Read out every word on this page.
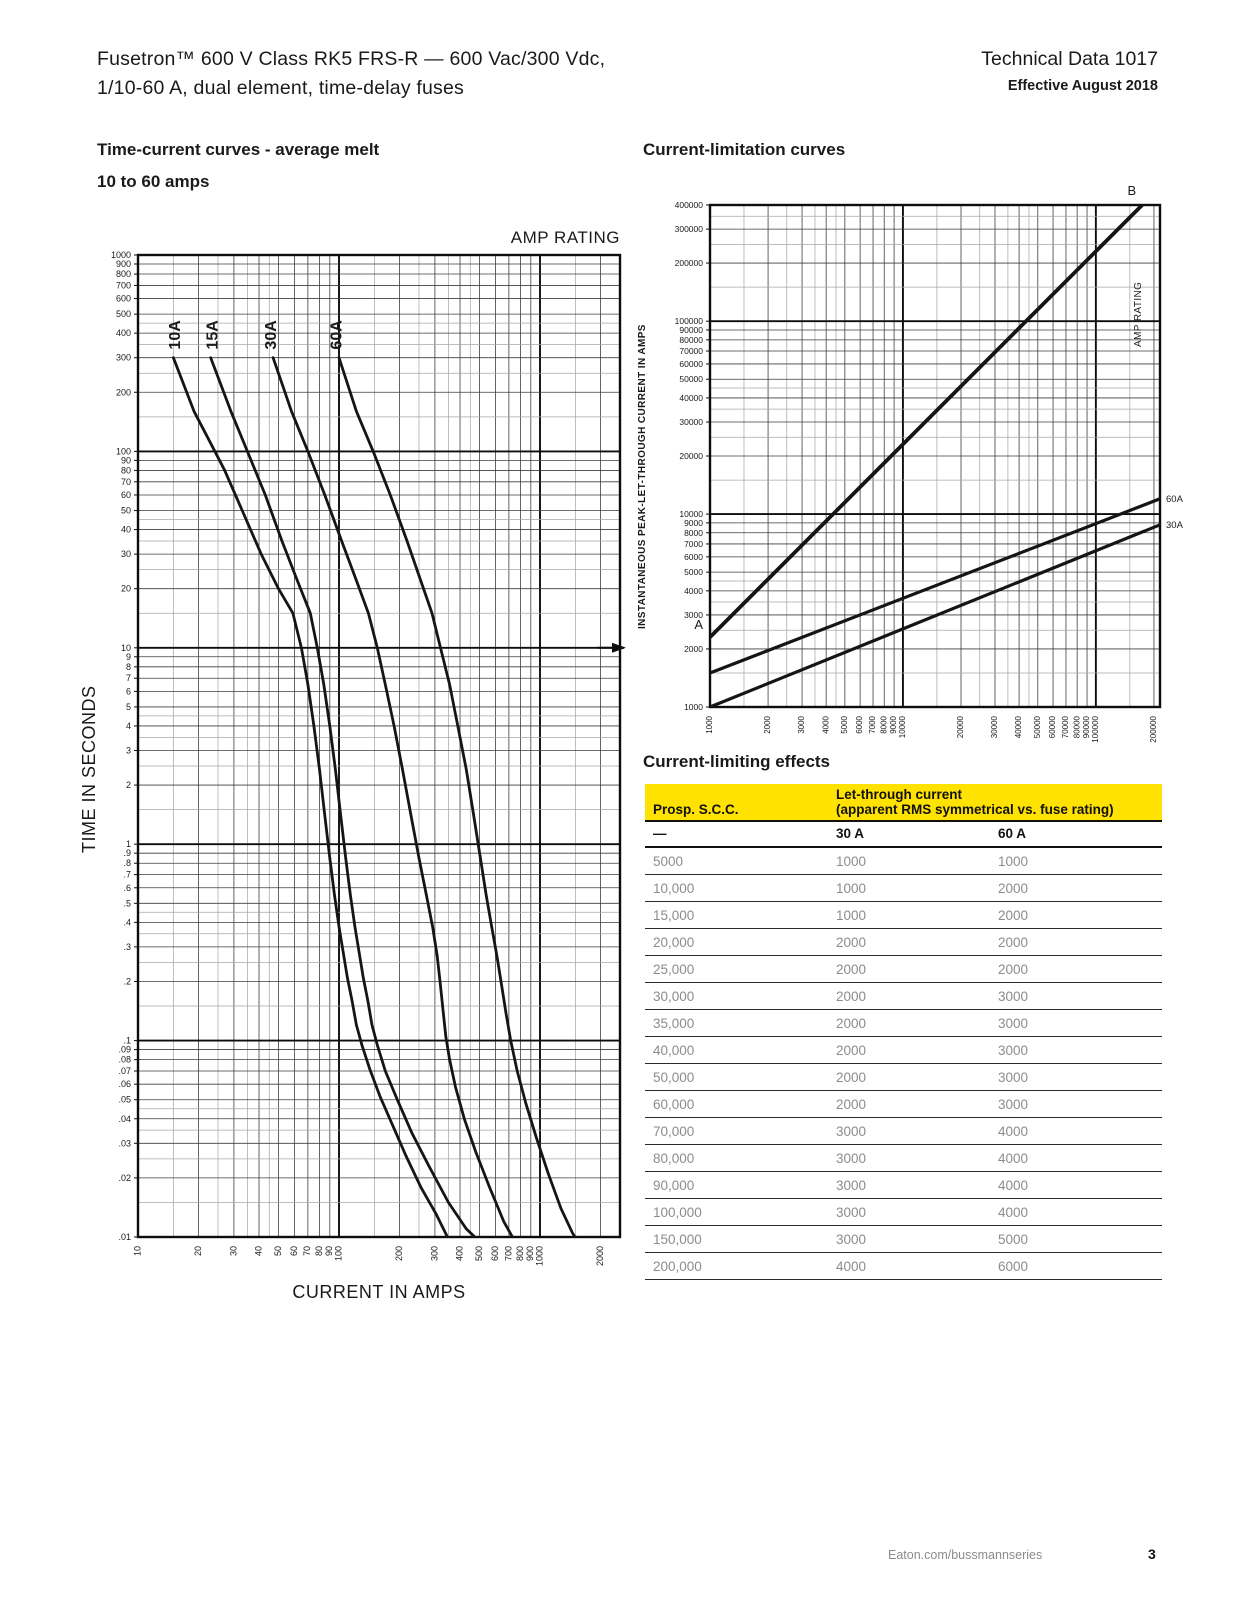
Fusetron™ 600 V Class RK5 FRS-R — 600 Vac/300 Vdc,
1/10-60 A, dual element, time-delay fuses
Technical Data 1017
Effective August 2018
Time-current curves - average melt
10 to 60 amps
Current-limitation curves
AMP RATING
1000
900
800
700
600
500
400
300
200
100
90
80
70
60
50
40
30
20
10
9
8
7
6
5
4
3
2
1
.9
.8
.7
.6
.5
.4
.3
.2
.1
.09
.08
.07
.06
.05
.04
.03
.02
.01
10	20	30 40 50 60 70 80 90 100	200	300 400 500 600 700 800 900 1000	2000
10A 15A	30A	60A
TIME IN SECONDS
CURRENT IN AMPS
400000
300000
200000
100000
90000
80000
70000
60000
50000
40000
30000
20000
10000
9000
8000
7000
6000
5000
4000
3000
2000
1000
1000	2000	3000 4000 5000 6000 7000 8000 9000 10000	20000	30000 40000 50000 60000 70000 80000 90000 100000	200000
A
B
60A
30A
INSTANTANEOUS PEAK-LET-THROUGH CURRENT IN AMPS
AMP RATING
Current-limiting effects
Prosp. S.C.C.	Let-through current
(apparent RMS symmetrical vs. fuse rating)	
—	30 A	60 A
5000	1000	1000
10,000	1000	2000
15,000	1000	2000
20,000	2000	2000
25,000	2000	2000
30,000	2000	3000
35,000	2000	3000
40,000	2000	3000
50,000	2000	3000
60,000	2000	3000
70,000	3000	4000
80,000	3000	4000
90,000	3000	4000
100,000	3000	4000
150,000	3000	5000
200,000	4000	6000
Eaton.com/bussmannseries	3
